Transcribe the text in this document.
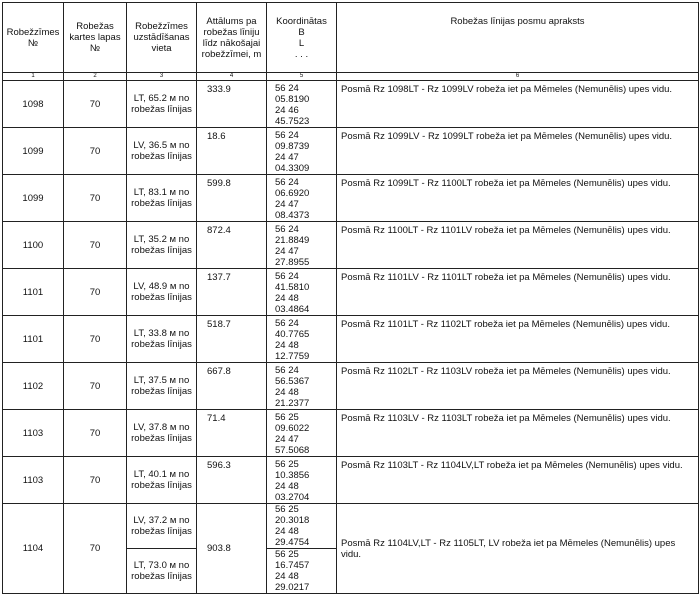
Robežzīmes №	Robežas kartes lapas №	Robežzīmes uzstādīšanas vieta	Attālums pa robežas līniju līdz nākošajai robežzīmei, m	Koordinātas
B
L
. . .	Robežas līnijas posmu apraksts
1	2	3	4	5	6
1098	70	LT, 65.2 м no robežas līnijas	333.9	56 24 05.8190
24 46 45.7523	Posmā Rz 1098LT - Rz 1099LV robeža iet pa Mēmeles (Nemunēlis) upes vidu.
1099	70	LV, 36.5 м no robežas līnijas	18.6	56 24 09.8739
24 47 04.3309	Posmā Rz 1099LV - Rz 1099LT robeža iet pa Mēmeles (Nemunēlis) upes vidu.
1099	70	LT, 83.1 м no robežas līnijas	599.8	56 24 06.6920
24 47 08.4373	Posmā Rz 1099LT - Rz 1100LT robeža iet pa Mēmeles (Nemunēlis) upes vidu.
1100	70	LT, 35.2 м no robežas līnijas	872.4	56 24 21.8849
24 47 27.8955	Posmā Rz 1100LT - Rz 1101LV robeža iet pa Mēmeles (Nemunēlis) upes vidu.
1101	70	LV, 48.9 м no robežas līnijas	137.7	56 24 41.5810
24 48 03.4864	Posmā Rz 1101LV - Rz 1101LT robeža iet pa Mēmeles (Nemunēlis) upes vidu.
1101	70	LT, 33.8 м no robežas līnijas	518.7	56 24 40.7765
24 48 12.7759	Posmā Rz 1101LT - Rz 1102LT robeža iet pa Mēmeles (Nemunēlis) upes vidu.
1102	70	LT, 37.5 м no robežas līnijas	667.8	56 24 56.5367
24 48 21.2377	Posmā Rz 1102LT - Rz 1103LV robeža iet pa Mēmeles (Nemunēlis) upes vidu.
1103	70	LV, 37.8 м no robežas līnijas	71.4	56 25 09.6022
24 47 57.5068	Posmā Rz 1103LV - Rz 1103LT robeža iet pa Mēmeles (Nemunēlis) upes vidu.
1103	70	LT, 40.1 м no robežas līnijas	596.3	56 25 10.3856
24 48 03.2704	Posmā Rz 1103LT - Rz 1104LV,LT robeža iet pa Mēmeles (Nemunēlis) upes vidu.
1104	70	LV, 37.2 м no robežas līnijas	903.8	56 25 20.3018
24 48 29.4754	Posmā Rz 1104LV,LT - Rz 1105LT, LV robeža iet pa Mēmeles (Nemunēlis) upes vidu.
		LT, 73.0 м no robežas līnijas		56 25 16.7457
24 48 29.0217	
